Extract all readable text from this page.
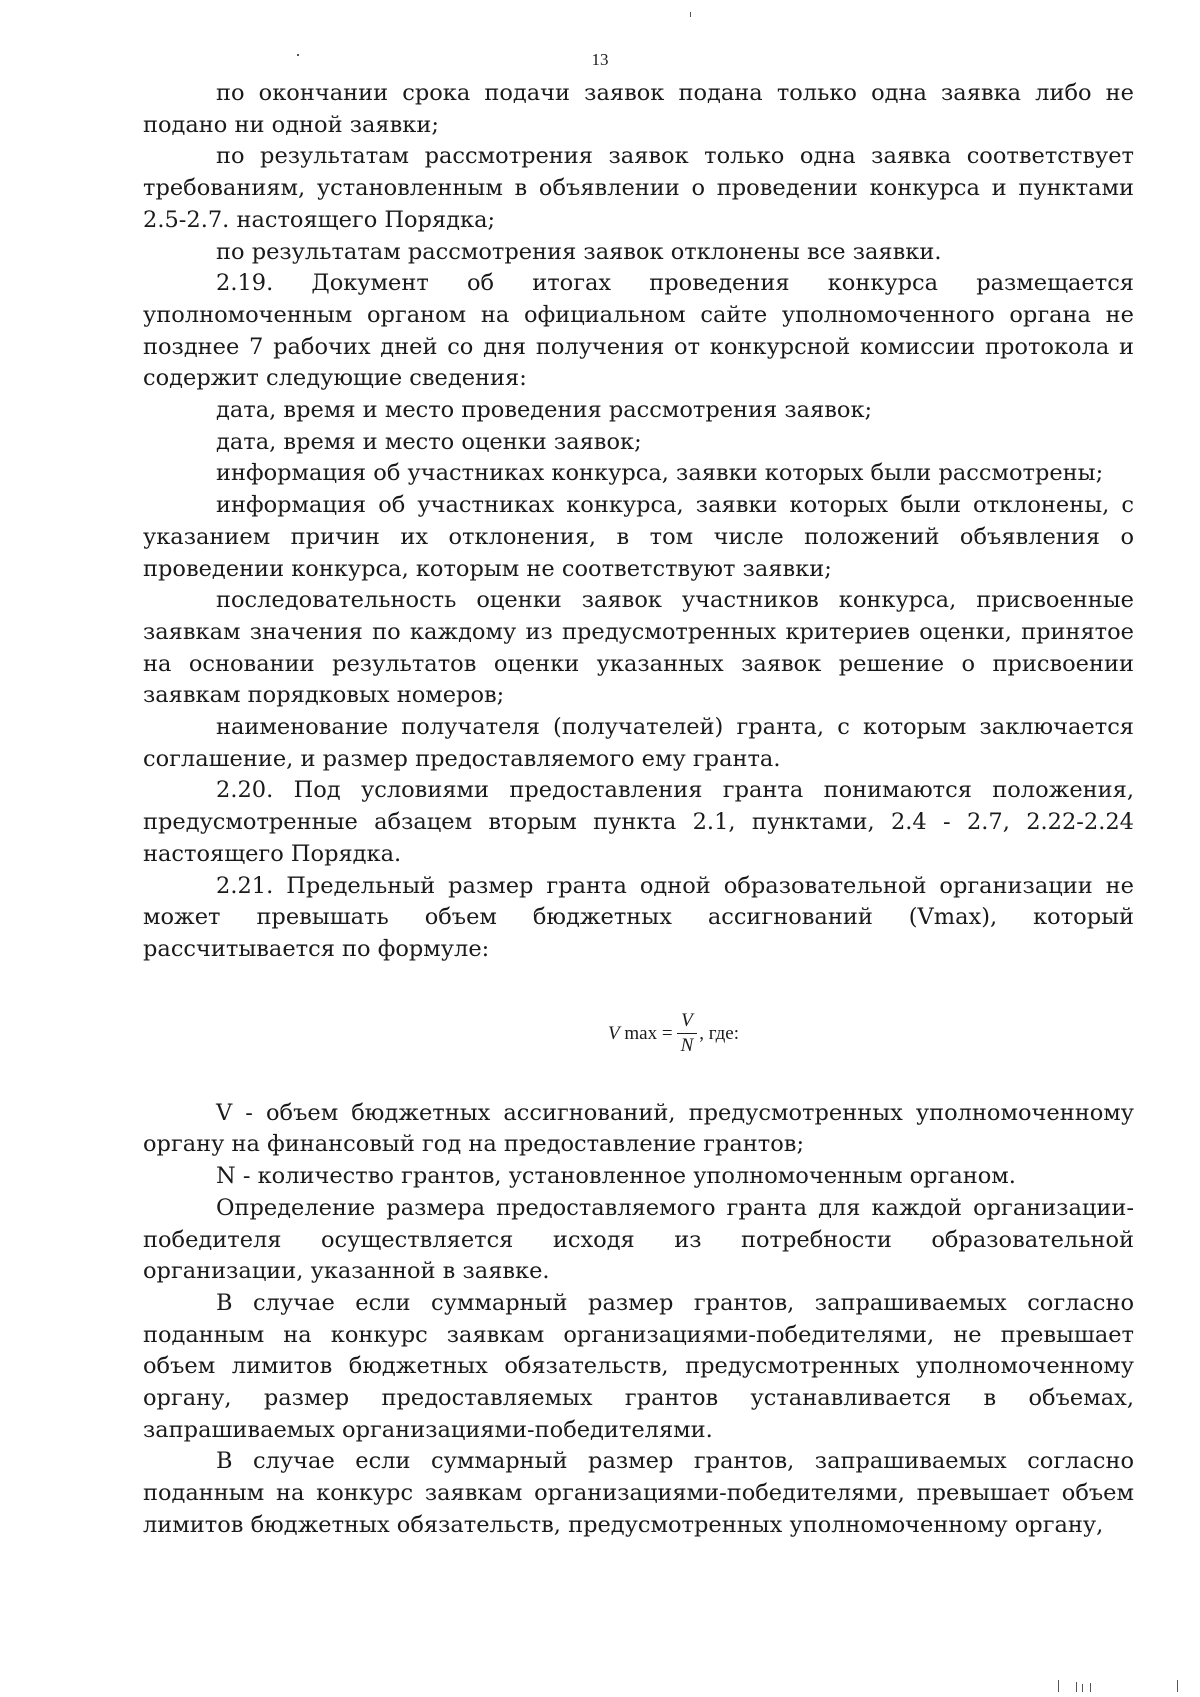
13

по окончании срока подачи заявок подана только одна заявка либо не подано ни одной заявки;

по результатам рассмотрения заявок только одна заявка соответствует требованиям, установленным в объявлении о проведении конкурса и пунктами 2.5-2.7. настоящего Порядка;

по результатам рассмотрения заявок отклонены все заявки.

2.19. Документ об итогах проведения конкурса размещается уполномоченным органом на официальном сайте уполномоченного органа не позднее 7 рабочих дней со дня получения от конкурсной комиссии протокола и содержит следующие сведения:

дата, время и место проведения рассмотрения заявок;

дата, время и место оценки заявок;

информация об участниках конкурса, заявки которых были рассмотрены;

информация об участниках конкурса, заявки которых были отклонены, с указанием причин их отклонения, в том числе положений объявления о проведении конкурса, которым не соответствуют заявки;

последовательность оценки заявок участников конкурса, присвоенные заявкам значения по каждому из предусмотренных критериев оценки, принятое на основании результатов оценки указанных заявок решение о присвоении заявкам порядковых номеров;

наименование получателя (получателей) гранта, с которым заключается соглашение, и размер предоставляемого ему гранта.

2.20. Под условиями предоставления гранта понимаются положения, предусмотренные абзацем вторым пункта 2.1, пунктами, 2.4 - 2.7, 2.22-2.24 настоящего Порядка.

2.21. Предельный размер гранта одной образовательной организации не может превышать объем бюджетных ассигнований (Vmax), который рассчитывается по формуле:

V
max
= $\frac{V}{N}$ , где:

V - объем бюджетных ассигнований, предусмотренных уполномоченному органу на финансовый год на предоставление грантов;

N - количество грантов, установленное уполномоченным органом.

Определение размера предоставляемого гранта для каждой организации-победителя осуществляется исходя из потребности образовательной организации, указанной в заявке.

В случае если суммарный размер грантов, запрашиваемых согласно поданным на конкурс заявкам организациями-победителями, не превышает объем лимитов бюджетных обязательств, предусмотренных уполномоченному органу, размер предоставляемых грантов устанавливается в объемах, запрашиваемых организациями-победителями.

В случае если суммарный размер грантов, запрашиваемых согласно поданным на конкурс заявкам организациями-победителями, превышает объем лимитов бюджетных обязательств, предусмотренных уполномоченному органу,
